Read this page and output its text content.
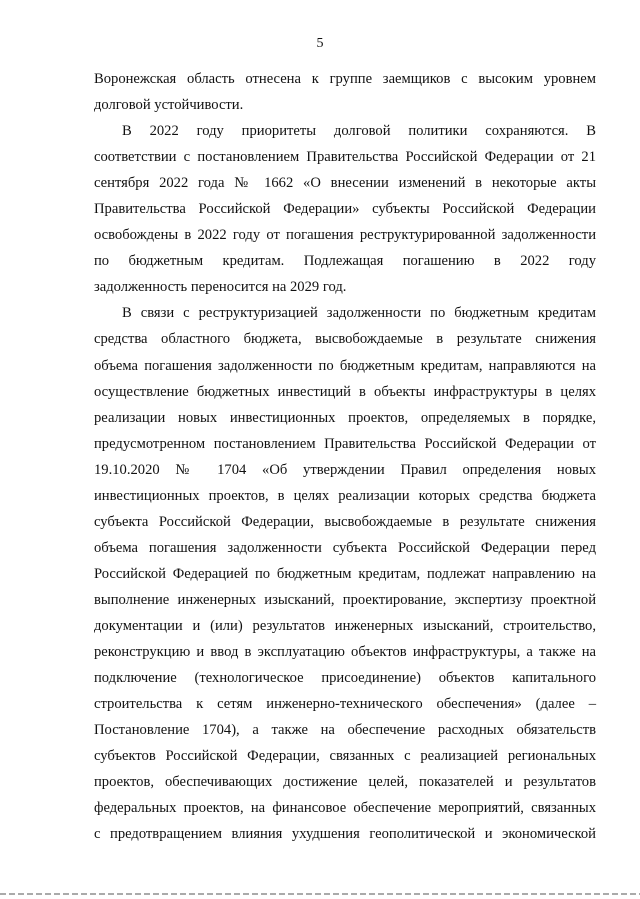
5
Воронежская область отнесена к группе заемщиков с высоким уровнем
долговой устойчивости.
В 2022 году приоритеты долговой политики сохраняются. В
соответствии с постановлением Правительства Российской Федерации от 21
сентября 2022 года № 1662 «О внесении изменений в некоторые акты
Правительства Российской Федерации» субъекты Российской Федерации
освобождены в 2022 году от погашения реструктурированной задолженности
по бюджетным кредитам. Подлежащая погашению в 2022 году
задолженность переносится на 2029 год.
В связи с реструктуризацией задолженности по бюджетным кредитам
средства областного бюджета, высвобождаемые в результате снижения
объема погашения задолженности по бюджетным кредитам, направляются на
осуществление бюджетных инвестиций в объекты инфраструктуры в целях
реализации новых инвестиционных проектов, определяемых в порядке,
предусмотренном постановлением Правительства Российской Федерации от
19.10.2020 № 1704 «Об утверждении Правил определения новых
инвестиционных проектов, в целях реализации которых средства бюджета
субъекта Российской Федерации, высвобождаемые в результате снижения
объема погашения задолженности субъекта Российской Федерации перед
Российской Федерацией по бюджетным кредитам, подлежат направлению на
выполнение инженерных изысканий, проектирование, экспертизу проектной
документации и (или) результатов инженерных изысканий, строительство,
реконструкцию и ввод в эксплуатацию объектов инфраструктуры, а также на
подключение (технологическое присоединение) объектов капитального
строительства к сетям инженерно-технического обеспечения» (далее –
Постановление 1704), а также на обеспечение расходных обязательств
субъектов Российской Федерации, связанных с реализацией региональных
проектов, обеспечивающих достижение целей, показателей и результатов
федеральных проектов, на финансовое обеспечение мероприятий, связанных
с предотвращением влияния ухудшения геополитической и экономической
